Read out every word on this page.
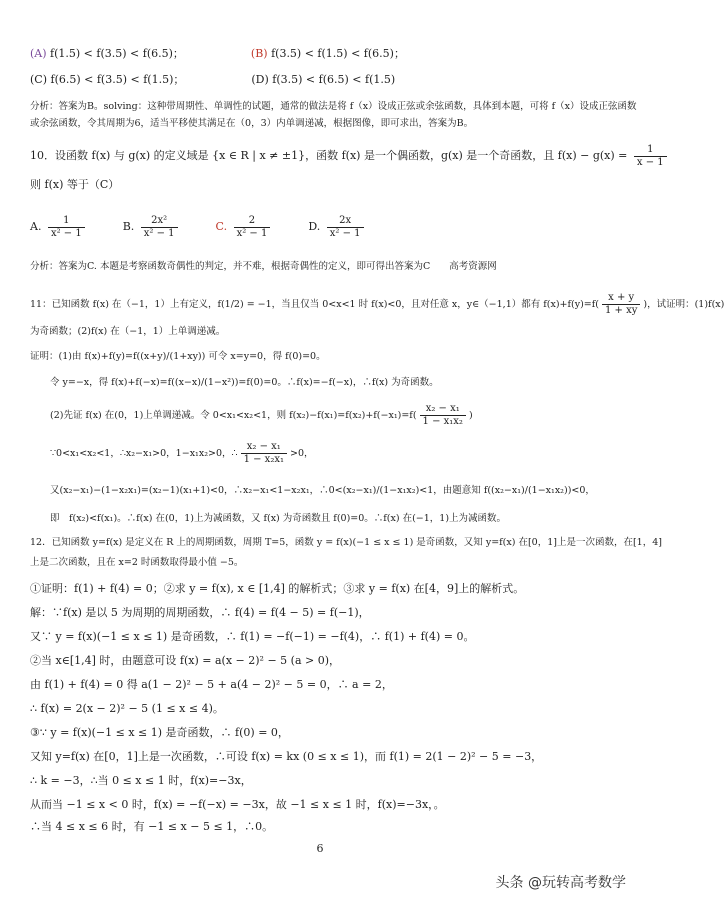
(A) f(1.5) < f(3.5) < f(6.5)；	(B) f(3.5) < f(1.5) < f(6.5)；
(C) f(6.5) < f(3.5) < f(1.5)；	(D) f(3.5) < f(6.5) < f(1.5)
分析：答案为B。solving：这种带周期性、单调性的试题，通常的做法是将 f（x）设成正弦或余弦函数，具体到本题，可将 f（x）设成正弦函数
或余弦函数，令其周期为6，适当平移使其满足在（0，3）内单调递减，根据图像，即可求出，答案为B。
10．设函数 f(x) 与 g(x) 的定义域是 {x ∈ R | x ≠ ±1}，函数 f(x) 是一个偶函数，g(x) 是一个奇函数，且 $f(x) - g(x) = \frac{1}{x - 1}$
则 f(x) 等于（C）
A. $\frac{1}{\text{x² − 1}}$	B. $\frac{\text{2x²}}{\text{x² − 1}}$	C. $\frac{2}{\text{x² − 1}}$	D. $\frac{2x}{\text{x² − 1}}$
分析：答案为C. 本题是考察函数奇偶性的判定，并不难，根据奇偶性的定义，即可得出答案为C　　高考资源网
11：已知函数 f(x) 在（−1，1）上有定义，f(1/2) = −1，当且仅当 0<x<1 时 f(x)<0，且对任意 x，y∈（−1,1）都有 $f(x)+f(y)=f( \frac{x + y}{1 + xy}$ )，试证明：(1)f(x)
为奇函数；(2)f(x) 在（−1，1）上单调递减。
证明：(1)由 f(x)+f(y)=f((x+y)/(1+xy)) 可令 x=y=0，得 f(0)=0。
令 y=−x，得 f(x)+f(−x)=f((x−x)/(1−x²))=f(0)=0。∴f(x)=−f(−x)，∴f(x) 为奇函数。
(2)先证 f(x) 在(0，1)上单调递减。令 0<x₁<x₂<1，则 $f(x_2)-f(x_1)=f(x_2)+f(-x_1)=f( \frac{\text{x₂ − x₁}}{\text{1 − x₁x₂}}$ )
∵0<x₁<x₂<1，∴x₂−x₁>0，1−x₁x₂>0，∴ $\frac{\text{x₂ − x₁}}{\text{1 − x₂x₁}} >0$，
又(x₂−x₁)−(1−x₂x₁)=(x₂−1)(x₁+1)<0，∴x₂−x₁<1−x₂x₁，∴0<(x₂−x₁)/(1−x₁x₂)<1，由题意知 f((x₂−x₁)/(1−x₁x₂))<0，
即　f(x₂)<f(x₁)。∴f(x) 在(0，1)上为减函数，又 f(x) 为奇函数且 f(0)=0。∴f(x) 在(−1，1)上为减函数。
12．已知函数 y=f(x) 是定义在 R 上的周期函数，周期 T=5，函数 y = f(x)(−1 ≤ x ≤ 1) 是奇函数，又知 y=f(x) 在[0，1]上是一次函数，在[1，4]
上是二次函数，且在 x=2 时函数取得最小值 −5。
①证明：f(1) + f(4) = 0；②求 y = f(x), x ∈ [1,4] 的解析式；③求 y = f(x) 在[4，9]上的解析式。
解：∵f(x) 是以 5 为周期的周期函数，∴ f(4) = f(4 − 5) = f(−1)，
又∵ y = f(x)(−1 ≤ x ≤ 1) 是奇函数，∴ f(1) = −f(−1) = −f(4)，∴ f(1) + f(4) = 0。
②当 x∈[1,4] 时，由题意可设 f(x) = a(x − 2)² − 5 (a > 0)，
由 f(1) + f(4) = 0 得 a(1 − 2)² − 5 + a(4 − 2)² − 5 = 0，∴ a = 2，
∴ f(x) = 2(x − 2)² − 5 (1 ≤ x ≤ 4)。
③∵ y = f(x)(−1 ≤ x ≤ 1) 是奇函数，∴ f(0) = 0，
又知 y=f(x) 在[0，1]上是一次函数，∴可设 f(x) = kx (0 ≤ x ≤ 1)，而 f(1) = 2(1 − 2)² − 5 = −3，
∴ k = −3，∴当 0 ≤ x ≤ 1 时，f(x)=−3x，
从而当 −1 ≤ x < 0 时，f(x) = −f(−x) = −3x，故 −1 ≤ x ≤ 1 时，f(x)=−3x，。
∴当 4 ≤ x ≤ 6 时，有 −1 ≤ x − 5 ≤ 1，∴0。
6
头条 @玩转高考数学
